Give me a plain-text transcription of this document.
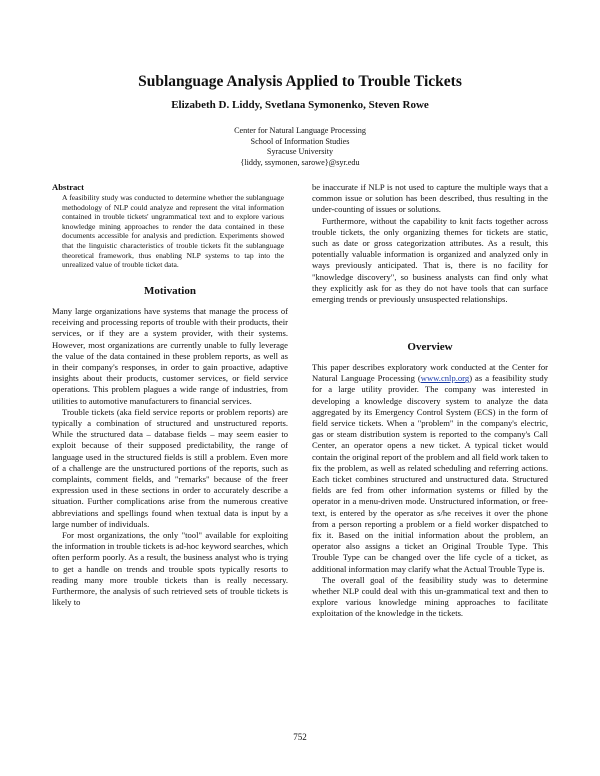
Sublanguage Analysis Applied to Trouble Tickets
Elizabeth D. Liddy, Svetlana Symonenko, Steven Rowe
Center for Natural Language Processing
School of Information Studies
Syracuse University
{liddy, ssymonen, sarowe}@syr.edu
Abstract
A feasibility study was conducted to determine whether the sublanguage methodology of NLP could analyze and represent the vital information contained in trouble tickets' ungrammatical text and to explore various knowledge mining approaches to render the data contained in these documents accessible for analysis and prediction. Experiments showed that the linguistic characteristics of trouble tickets fit the sublanguage theoretical framework, thus enabling NLP systems to tap into the unrealized value of trouble ticket data.
Motivation

Many large organizations have systems that manage the process of receiving and processing reports of trouble with their products, their services, or if they are a system provider, with their systems. However, most organizations are currently unable to fully leverage the value of the data contained in these problem reports, as well as in their company's responses, in order to gain proactive, adaptive insights about their products, customer services, or field service operations. This problem plagues a wide range of industries, from utilities to automotive manufacturers to financial services.

Trouble tickets (aka field service reports or problem reports) are typically a combination of structured and unstructured reports. While the structured data – database fields – may seem easier to exploit because of their supposed predictability, the range of language used in the structured fields is still a problem. Even more of a challenge are the unstructured portions of the reports, such as complaints, comment fields, and "remarks" because of the freer expression used in these sections in order to accurately describe a situation. Further complications arise from the numerous creative abbreviations and spellings found when textual data is input by a large number of individuals.

For most organizations, the only "tool" available for exploiting the information in trouble tickets is ad-hoc keyword searches, which often perform poorly. As a result, the business analyst who is trying to get a handle on trends and trouble spots typically resorts to reading many more trouble tickets than is really necessary. Furthermore, the analysis of such retrieved sets of trouble tickets is likely to

be inaccurate if NLP is not used to capture the multiple ways that a common issue or solution has been described, thus resulting in the under-counting of issues or solutions.

Furthermore, without the capability to knit facts together across trouble tickets, the only organizing themes for tickets are static, such as date or gross categorization attributes. As a result, this potentially valuable information is organized and analyzed only in ways previously anticipated. That is, there is no facility for "knowledge discovery", so business analysts can find only what they explicitly ask for as they do not have tools that can surface emerging trends or previously unsuspected relationships.

Overview

This paper describes exploratory work conducted at the Center for Natural Language Processing (www.cnlp.org) as a feasibility study for a large utility provider. The company was interested in developing a knowledge discovery system to analyze the data aggregated by its Emergency Control System (ECS) in the form of field service tickets. When a "problem" in the company's electric, gas or steam distribution system is reported to the company's Call Center, an operator opens a new ticket. A typical ticket would contain the original report of the problem and all field work taken to fix the problem, as well as related scheduling and referring actions. Each ticket combines structured and unstructured data. Structured fields are fed from other information systems or filled by the operator in a menu-driven mode. Unstructured information, or free-text, is entered by the operator as s/he receives it over the phone from a person reporting a problem or a field worker dispatched to fix it. Based on the initial information about the problem, an operator also assigns a ticket an Original Trouble Type. This Trouble Type can be changed over the life cycle of a ticket, as additional information may clarify what the Actual Trouble Type is.

The overall goal of the feasibility study was to determine whether NLP could deal with this un-grammatical text and then to explore various knowledge mining approaches to facilitate exploitation of the knowledge in the tickets.

752
